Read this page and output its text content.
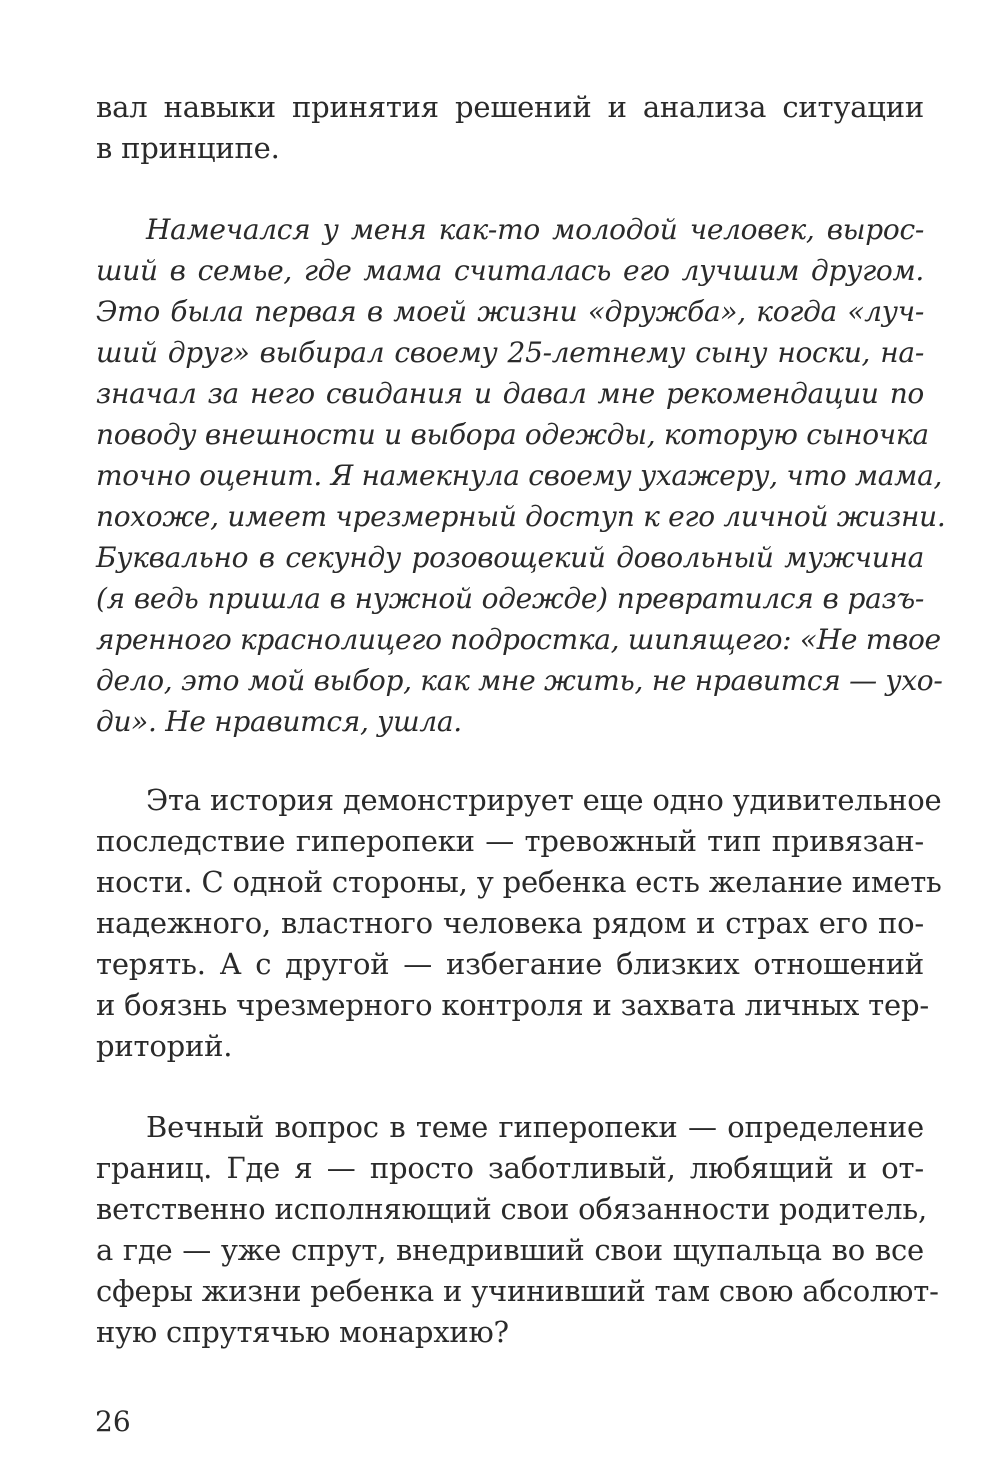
вал навыки принятия решений и анализа ситуации
в принципе.
Намечался у меня как-то молодой человек, вырос-
ший в семье, где мама считалась его лучшим другом.
Это была первая в моей жизни «дружба», когда «луч-
ший друг» выбирал своему 25-летнему сыну носки, на-
значал за него свидания и давал мне рекомендации по
поводу внешности и выбора одежды, которую сыночка
точно оценит. Я намекнула своему ухажеру, что мама,
похоже, имеет чрезмерный доступ к его личной жизни.
Буквально в секунду розовощекий довольный мужчина
(я ведь пришла в нужной одежде) превратился в разъ-
яренного краснолицего подростка, шипящего: «Не твое
дело, это мой выбор, как мне жить, не нравится — ухо-
ди». Не нравится, ушла.
Эта история демонстрирует еще одно удивительное
последствие гиперопеки — тревожный тип привязан-
ности. С одной стороны, у ребенка есть желание иметь
надежного, властного человека рядом и страх его по-
терять. А с другой — избегание близких отношений
и боязнь чрезмерного контроля и захвата личных тер-
риторий.
Вечный вопрос в теме гиперопеки — определение
границ. Где я — просто заботливый, любящий и от-
ветственно исполняющий свои обязанности родитель,
а где — уже спрут, внедривший свои щупальца во все
сферы жизни ребенка и учинивший там свою абсолют-
ную спрутячью монархию?
26
